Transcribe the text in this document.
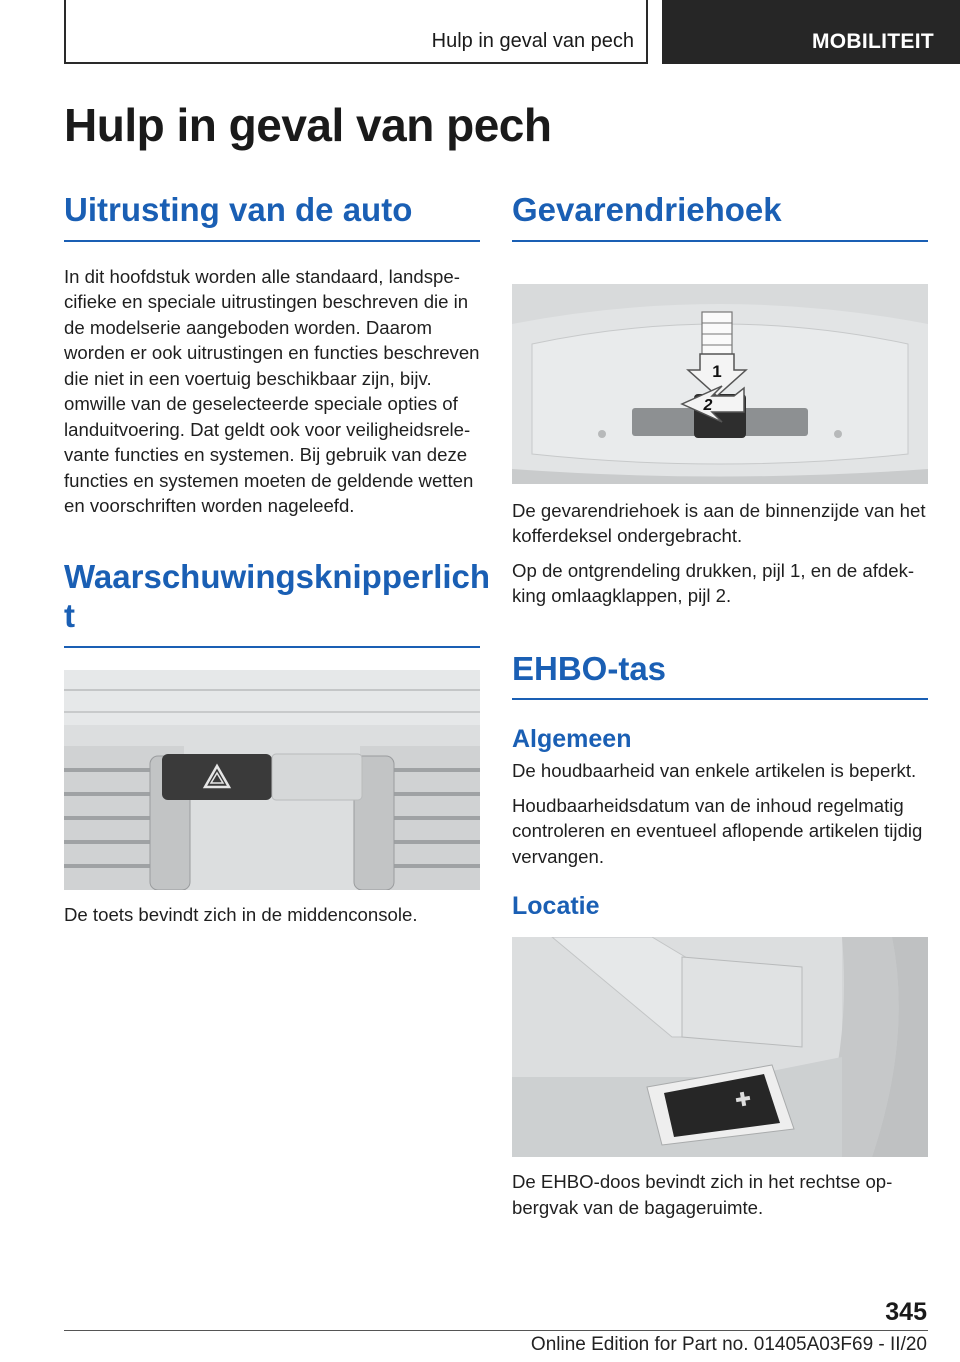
Hulp in geval van pech	MOBILITEIT
Hulp in geval van pech
Uitrusting van de auto

In dit hoofdstuk worden alle standaard, landspecifieke en speciale uitrustingen beschreven die in de modelserie aangeboden worden. Daarom worden er ook uitrustingen en functies beschreven die niet in een voertuig beschikbaar zijn, bijv. omwille van de geselecteerde speciale opties of landuitvoering. Dat geldt ook voor veiligheidsrelevante functies en systemen. Bij gebruik van deze functies en systemen moeten de geldende wetten en voorschriften worden nageleefd.

Waarschuwingsknipperlich t

De toets bevindt zich in de middenconsole.

Gevarendriehoek
1
2

De gevarendriehoek is aan de binnenzijde van het kofferdeksel ondergebracht.

Op de ontgrendeling drukken, pijl 1, en de afdekking omlaagklappen, pijl 2.

EHBO-tas
Algemeen

De houdbaarheid van enkele artikelen is beperkt.

Houdbaarheidsdatum van de inhoud regelmatig controleren en eventueel aflopende artikelen tijdig vervangen.

Locatie

De EHBO-doos bevindt zich in het rechtse opbergvak van de bagageruimte.

345
Online Edition for Part no. 01405A03F69 - II/20
